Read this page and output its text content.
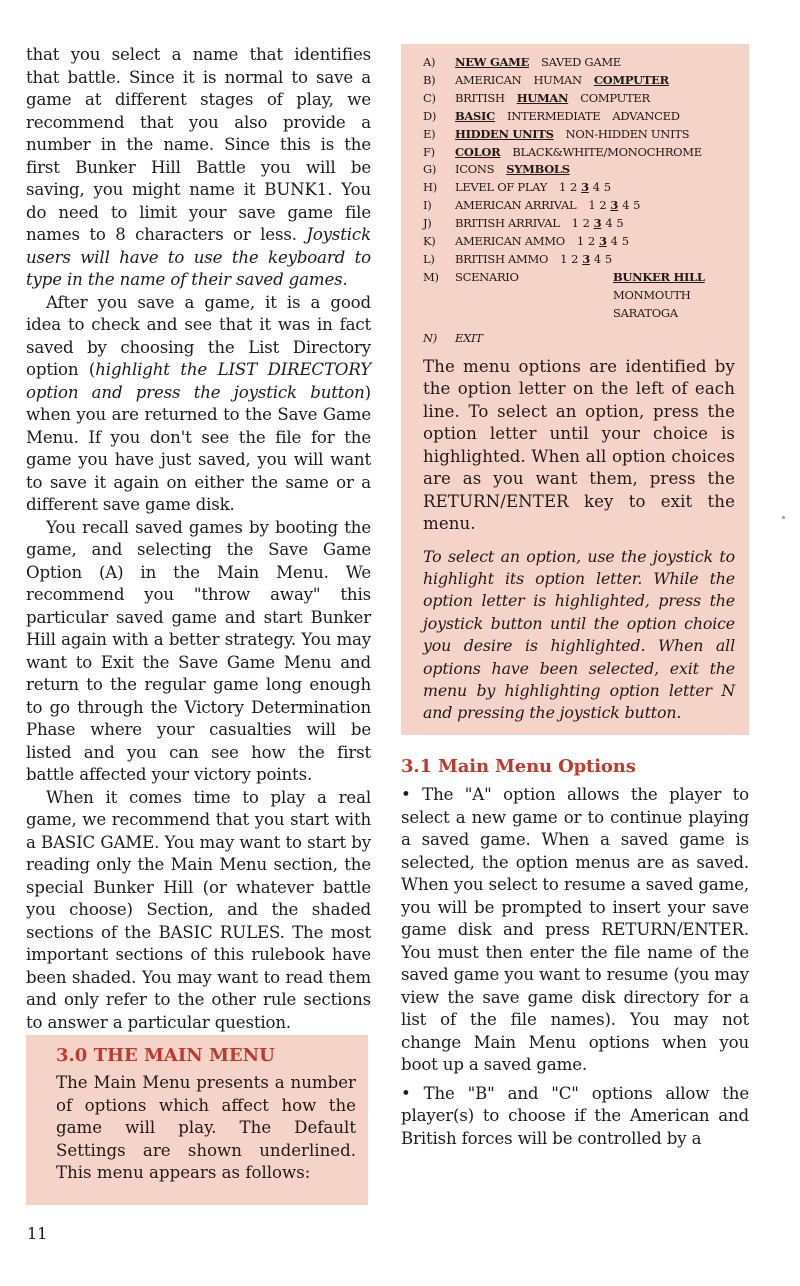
that you select a name that identifies that battle. Since it is normal to save a game at different stages of play, we recommend that you also provide a number in the name. Since this is the first Bunker Hill Battle you will be saving, you might name it BUNK1. You do need to limit your save game file names to 8 characters or less. Joystick users will have to use the keyboard to type in the name of their saved games.

After you save a game, it is a good idea to check and see that it was in fact saved by choosing the List Directory option (highlight the LIST DIRECTORY option and press the joystick button) when you are returned to the Save Game Menu. If you don't see the file for the game you have just saved, you will want to save it again on either the same or a different save game disk.

You recall saved games by booting the game, and selecting the Save Game Option (A) in the Main Menu. We recommend you "throw away" this particular saved game and start Bunker Hill again with a better strategy. You may want to Exit the Save Game Menu and return to the regular game long enough to go through the Victory Determination Phase where your casualties will be listed and you can see how the first battle affected your victory points.

When it comes time to play a real game, we recommend that you start with a BASIC GAME. You may want to start by reading only the Main Menu section, the special Bunker Hill (or whatever battle you choose) Section, and the shaded sections of the BASIC RULES. The most important sections of this rulebook have been shaded. You may want to read them and only refer to the other rule sections to answer a particular question.

3.0 THE MAIN MENU

The Main Menu presents a number of options which affect how the game will play. The Default Settings are shown underlined. This menu appears as follows:

A) NEW GAME SAVED GAME
B) AMERICAN HUMAN COMPUTER
C) BRITISH HUMAN COMPUTER
D) BASIC INTERMEDIATE ADVANCED
E) HIDDEN UNITS NON-HIDDEN UNITS
F) COLOR BLACK&WHITE/MONOCHROME
G) ICONS SYMBOLS
H) LEVEL OF PLAY 1 2 3 4 5
I) AMERICAN ARRIVAL 1 2 3 4 5
J) BRITISH ARRIVAL 1 2 3 4 5
K) AMERICAN AMMO 1 2 3 4 5
L) BRITISH AMMO 1 2 3 4 5
M) SCENARIO	BUNKER HILL
MONMOUTH
SARATOGA
N) EXIT

The menu options are identified by the option letter on the left of each line. To select an option, press the option letter until your choice is highlighted. When all option choices are as you want them, press the RETURN/ENTER key to exit the menu.

To select an option, use the joystick to highlight its option letter. While the option letter is highlighted, press the joystick button until the option choice you desire is highlighted. When all options have been selected, exit the menu by highlighting option letter N and pressing the joystick button.

3.1 Main Menu Options

• The "A" option allows the player to select a new game or to continue playing a saved game. When a saved game is selected, the option menus are as saved. When you select to resume a saved game, you will be prompted to insert your save game disk and press RETURN/ENTER. You must then enter the file name of the saved game you want to resume (you may view the save game disk directory for a list of the file names). You may not change Main Menu options when you boot up a saved game.

• The "B" and "C" options allow the player(s) to choose if the American and British forces will be controlled by a

11
